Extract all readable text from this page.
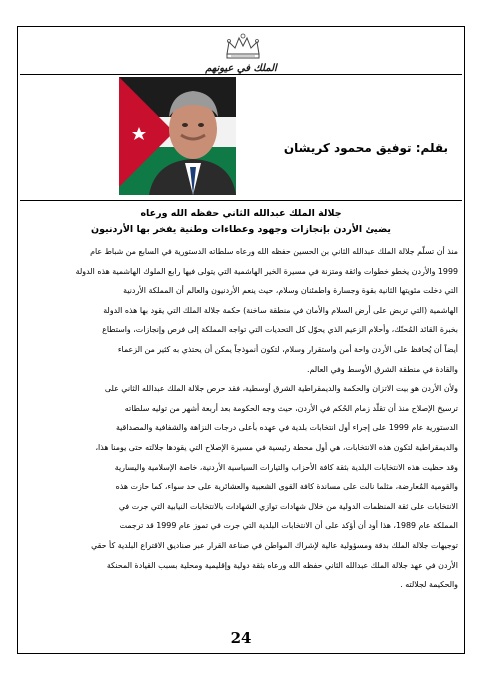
الملك في عيونهم
بقلم: توفيق محمود كريشان
جلالة الملك عبدالله الثاني حفظه الله ورعاه
يضيئ الأردن بإنجازات وجهود وعطاءات وطنية يفخر بها الأردنيون
منذ أن تسلّم جلالة الملك عبدالله الثاني بن الحسين حفظه الله ورعاه سلطاته الدستورية في السابع من شباط عام
1999 والأردن يخطو خطوات واثقة ومتزنة في مسيرة الخير الهاشمية التي يتولى فيها رابع الملوك الهاشمية هذه الدولة
التي دخلت مئويتها الثانية بقوة وجسارة واطمئنان وسلام، حيث ينعم الأردنيون والعالم أن المملكة الأردنية
الهاشمية (التي تربض على أرض السلام والأمان في منطقة ساخنة) حكمة جلالة الملك التي يقود بها هذه الدولة
بخبرة القائد المُحنّك، وأحلام الزعيم الذي يحوّل كل التحديات التي تواجه المملكة إلى فرص وإنجازات، واستطاع
أيضاً أن يُحافظ على الأردن واحة أمن واستقرار وسلام، لتكون أنموذجاً يمكن أن يحتذي به كثير من الزعماء
والقادة في منطقة الشرق الأوسط وفي العالم.
ولأن الأردن هو بيت الاتزان والحكمة والديمقراطية الشرق أوسطية، فقد حرص جلالة الملك عبدالله الثاني على
ترسيخ الإصلاح منذ أن تقلّد زمام الحُكم في الأردن، حيث وجه الحكومة بعد أربعة أشهر من توليه سلطاته
الدستورية عام 1999 على إجراء أول انتخابات بلدية في عهده بأعلى درجات النزاهة والشفافية والمصداقية
والديمقراطية لتكون هذه الانتخابات، هي أول محطة رئيسية في مسيرة الإصلاح التي يقودها جلالته حتى يومنا هذا،
وقد حظيت هذه الانتخابات البلدية بثقة كافة الأحزاب والتيارات السياسية الأردنية، خاصة الإسلامية واليسارية
والقومية المُعارضة، مثلما نالت على مساندة كافة القوى الشعبية والعشائرية على حد سواء، كما حازت هذه
الانتخابات على ثقة المنظمات الدولية من خلال شهادات توازي الشهادات بالانتخابات النيابية التي جرت في
المملكة عام 1989، هذا أود أن أؤكد على أن الانتخابات البلدية التي جرت في تموز عام 1999 قد ترجمت
توجيهات جلالة الملك بدقة ومسؤولية عالية لإشراك المواطن في صناعة القرار عبر صناديق الاقتراع البلدية كأ حقي
الأردن في عهد جلالة الملك عبدالله الثاني حفظه الله ورعاه بثقة دولية وإقليمية ومحلية بسبب القيادة المحنكة
والحكيمة لجلالته .
24
